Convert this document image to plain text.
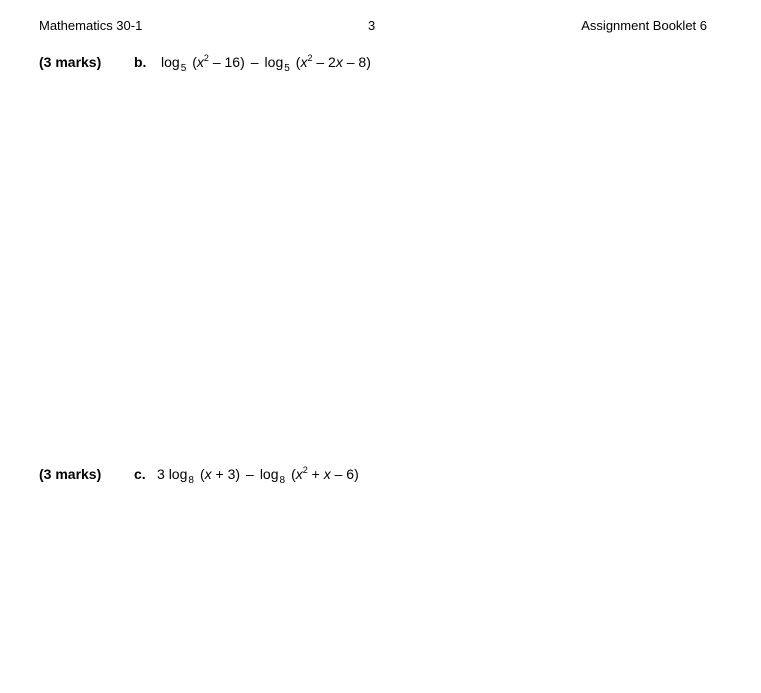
Mathematics 30-1	3	Assignment Booklet 6
(3 marks) b. $\log_5 (x^2 - 16) - \log_5 (x^2 - 2x - 8)$
(3 marks) c. 3 $\log_8 (x + 3) - \log_8 (x^2 + x - 6)$
